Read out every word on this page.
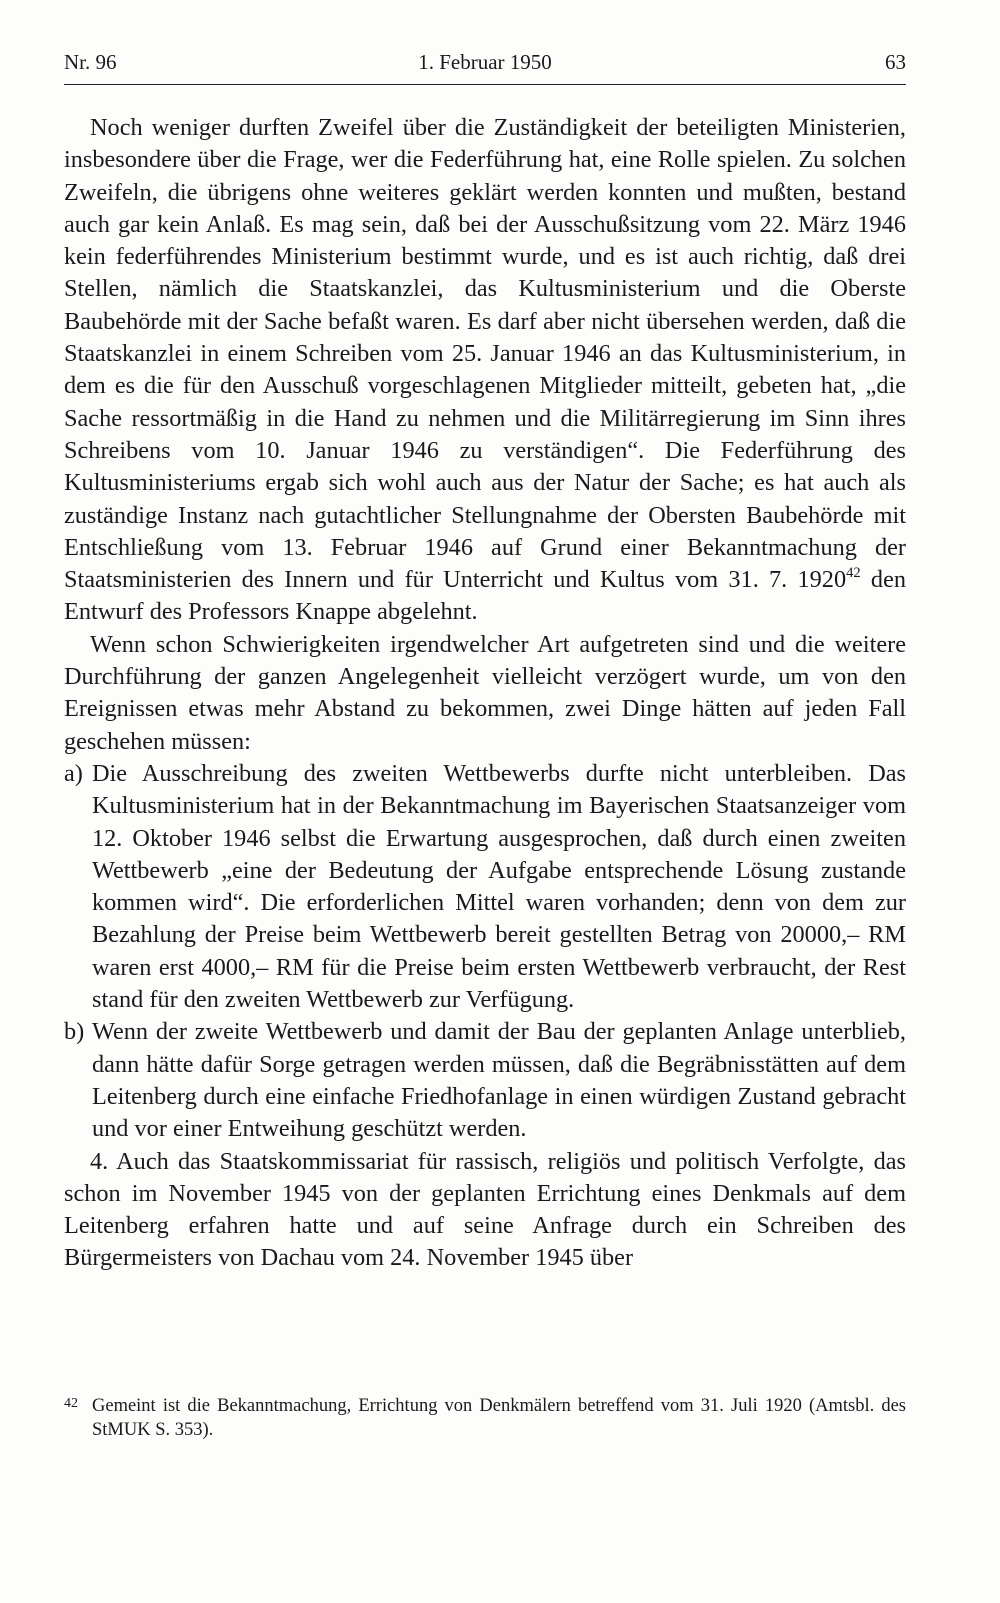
Nr. 96	1. Februar 1950	63

Noch weniger durften Zweifel über die Zuständigkeit der beteiligten Ministerien, insbesondere über die Frage, wer die Federführung hat, eine Rolle spielen. Zu solchen Zweifeln, die übrigens ohne weiteres geklärt werden konnten und mußten, bestand auch gar kein Anlaß. Es mag sein, daß bei der Ausschußsitzung vom 22. März 1946 kein federführendes Ministerium bestimmt wurde, und es ist auch richtig, daß drei Stellen, nämlich die Staatskanzlei, das Kultusministerium und die Oberste Baubehörde mit der Sache befaßt waren. Es darf aber nicht übersehen werden, daß die Staatskanzlei in einem Schreiben vom 25. Januar 1946 an das Kultusministerium, in dem es die für den Ausschuß vorgeschlagenen Mitglieder mitteilt, gebeten hat, „die Sache ressortmäßig in die Hand zu nehmen und die Militärregierung im Sinn ihres Schreibens vom 10. Januar 1946 zu verständigen“. Die Federführung des Kultusministeriums ergab sich wohl auch aus der Natur der Sache; es hat auch als zuständige Instanz nach gutachtlicher Stellungnahme der Obersten Baubehörde mit Entschließung vom 13. Februar 1946 auf Grund einer Bekanntmachung der Staatsministerien des Innern und für Unterricht und Kultus vom 31. 7. 1920$^{42}$ den Entwurf des Professors Knappe abgelehnt.

Wenn schon Schwierigkeiten irgendwelcher Art aufgetreten sind und die weitere Durchführung der ganzen Angelegenheit vielleicht verzögert wurde, um von den Ereignissen etwas mehr Abstand zu bekommen, zwei Dinge hätten auf jeden Fall geschehen müssen:

a) Die Ausschreibung des zweiten Wettbewerbs durfte nicht unterbleiben. Das Kultusministerium hat in der Bekanntmachung im Bayerischen Staatsanzeiger vom 12. Oktober 1946 selbst die Erwartung ausgesprochen, daß durch einen zweiten Wettbewerb „eine der Bedeutung der Aufgabe entsprechende Lösung zustande kommen wird“. Die erforderlichen Mittel waren vorhanden; denn von dem zur Bezahlung der Preise beim Wettbewerb bereit gestellten Betrag von 20000,– RM waren erst 4000,– RM für die Preise beim ersten Wettbewerb verbraucht, der Rest stand für den zweiten Wettbewerb zur Verfügung.

b) Wenn der zweite Wettbewerb und damit der Bau der geplanten Anlage unterblieb, dann hätte dafür Sorge getragen werden müssen, daß die Begräbnisstätten auf dem Leitenberg durch eine einfache Friedhofanlage in einen würdigen Zustand gebracht und vor einer Entweihung geschützt werden.

4. Auch das Staatskommissariat für rassisch, religiös und politisch Verfolgte, das schon im November 1945 von der geplanten Errichtung eines Denkmals auf dem Leitenberg erfahren hatte und auf seine Anfrage durch ein Schreiben des Bürgermeisters von Dachau vom 24. November 1945 über

42 Gemeint ist die Bekanntmachung, Errichtung von Denkmälern betreffend vom 31. Juli 1920 (Amtsbl. des StMUK S. 353).
